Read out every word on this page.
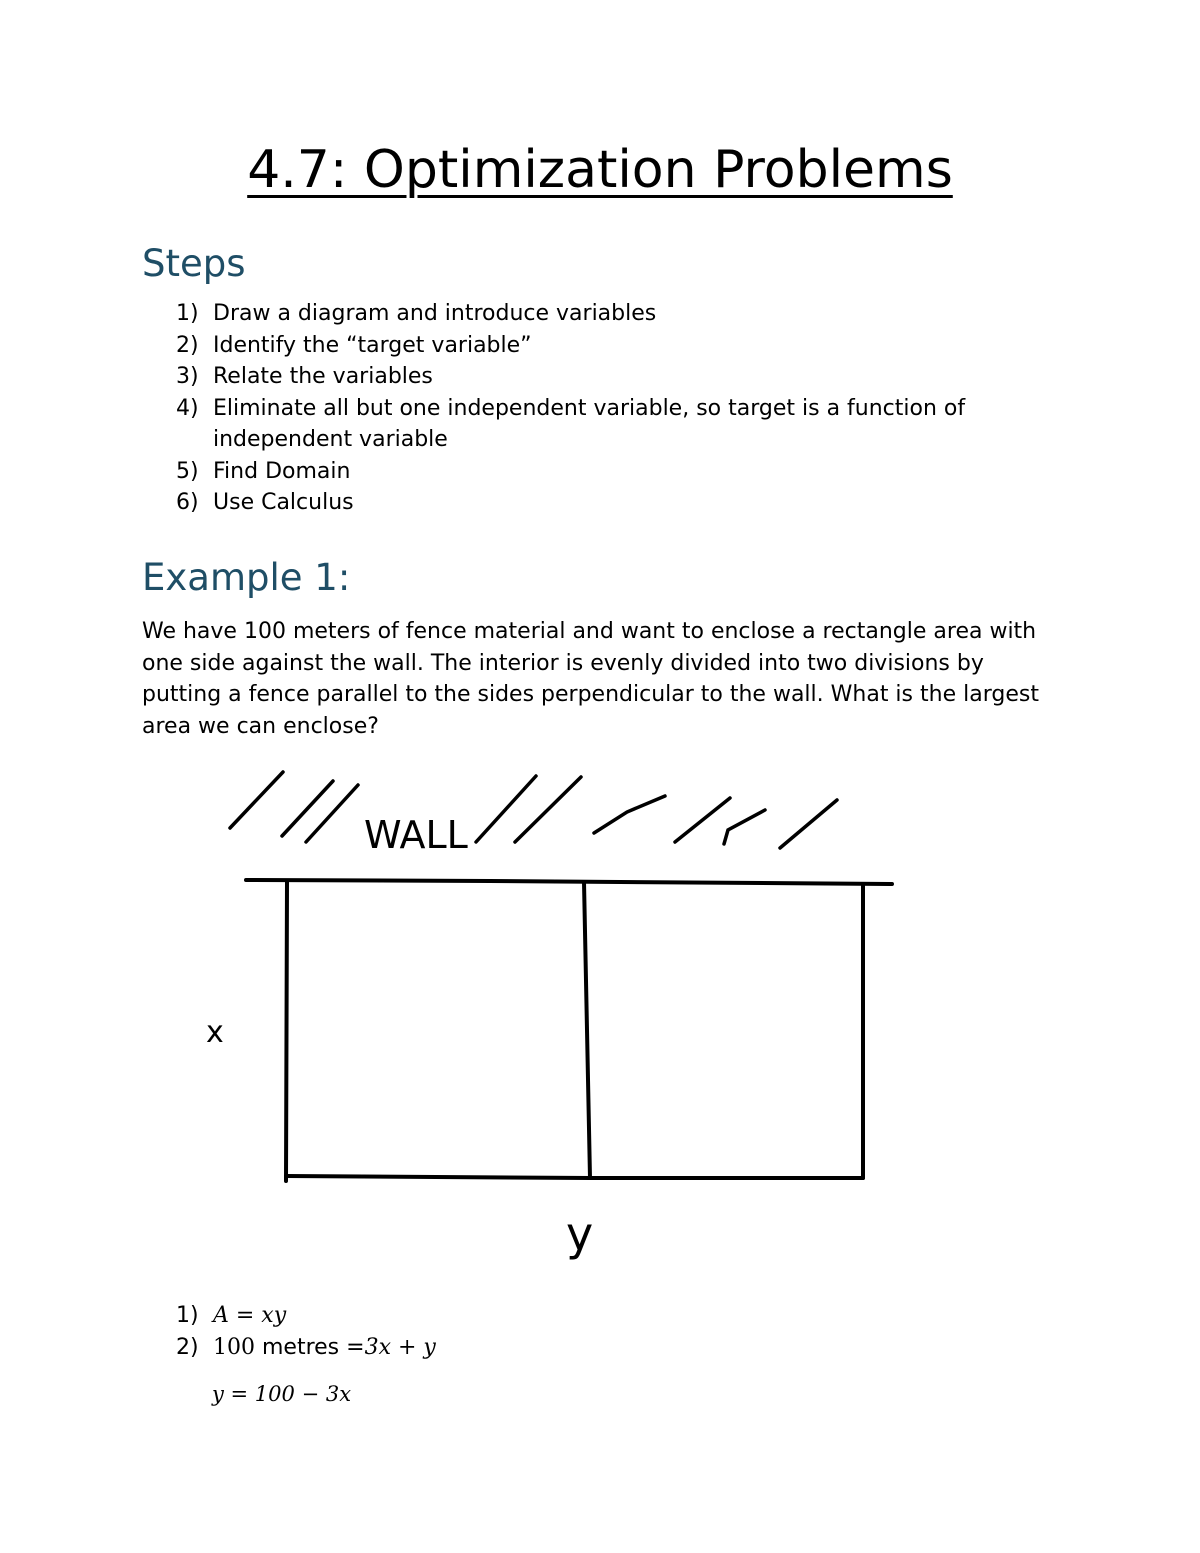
4.7: Optimization Problems
Steps
1) Draw a diagram and introduce variables
2) Identify the “target variable”
3) Relate the variables
4) Eliminate all but one independent variable, so target is a function of independent variable
5) Find Domain
6) Use Calculus
Example 1:

We have 100 meters of fence material and want to enclose a rectangle area with one side against the wall. The interior is evenly divided into two divisions by putting a fence parallel to the sides perpendicular to the wall. What is the largest area we can enclose?

WALL
x
y
1) A = xy
2) 100 metres =3x + y
y = 100 − 3x
